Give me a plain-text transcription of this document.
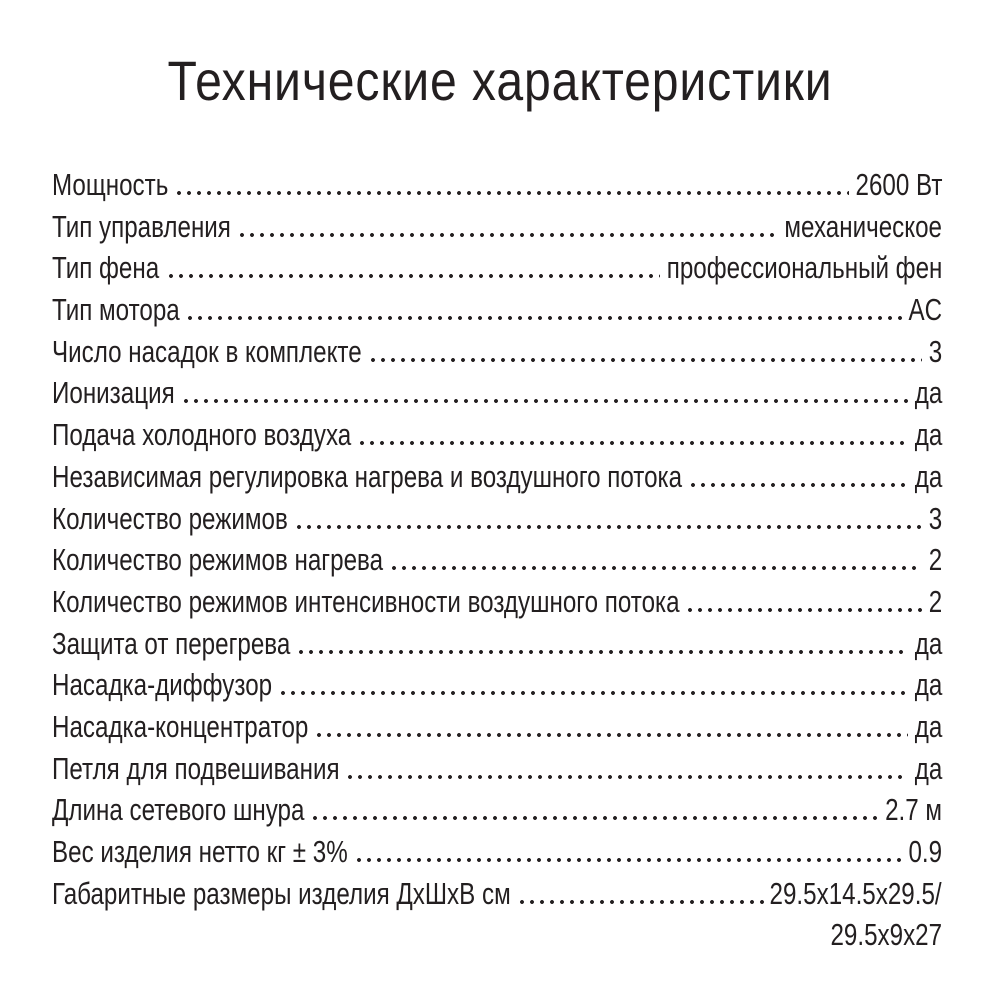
Технические характеристики
Мощность	2600 Вт
Тип управления	механическое
Тип фена	профессиональный фен
Тип мотора	AC
Число насадок в комплекте	3
Ионизация	да
Подача холодного воздуха	да
Независимая регулировка нагрева и воздушного потока	да
Количество режимов	3
Количество режимов нагрева	2
Количество режимов интенсивности воздушного потока	2
Защита от перегрева	да
Насадка-диффузор	да
Насадка-концентратор	да
Петля для подвешивания	да
Длина сетевого шнура	2.7 м
Вес изделия нетто кг ± 3%	0.9
Габаритные размеры изделия ДхШхВ см	29.5x14.5x29.5/
29.5x9x27
